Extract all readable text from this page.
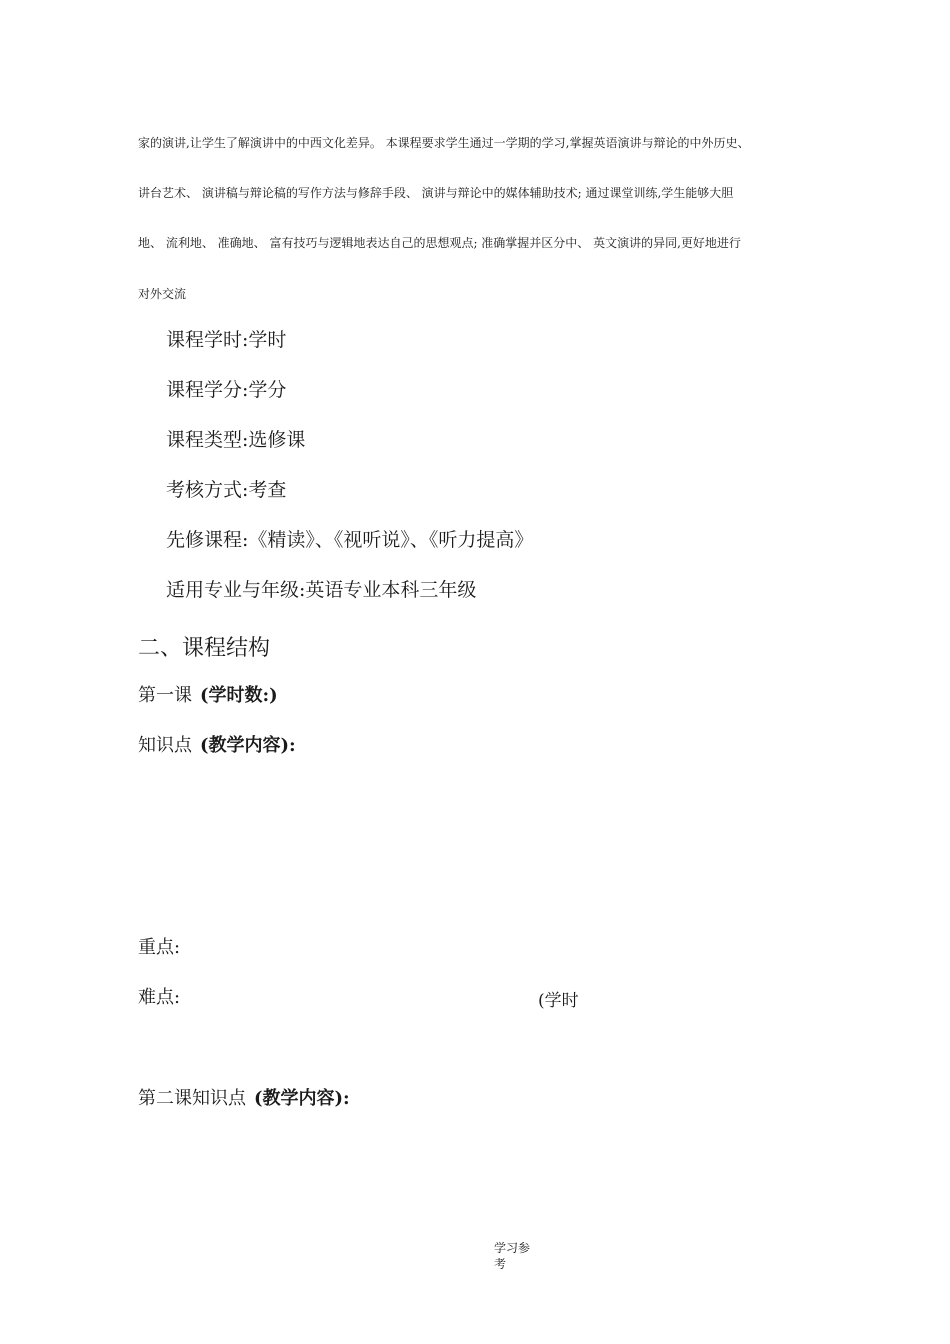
家的演讲,让学生了解演讲中的中西文化差异。 本课程要求学生通过一学期的学习,掌握英语演讲与辩论的中外历史、
讲台艺术、 演讲稿与辩论稿的写作方法与修辞手段、 演讲与辩论中的媒体辅助技术; 通过课堂训练,学生能够大胆
地、 流利地、 准确地、 富有技巧与逻辑地表达自己的思想观点; 准确掌握并区分中、 英文演讲的异同,更好地进行
对外交流
课程学时:学时
课程学分:学分
课程类型:选修课
考核方式:考查
先修课程:《精读》、《视听说》、《听力提高》
适用专业与年级:英语专业本科三年级
二、课程结构
第一课 (学时数:)
知识点 (教学内容):
重点:
难点:	(学时
第二课知识点 (教学内容):
学习参
考
